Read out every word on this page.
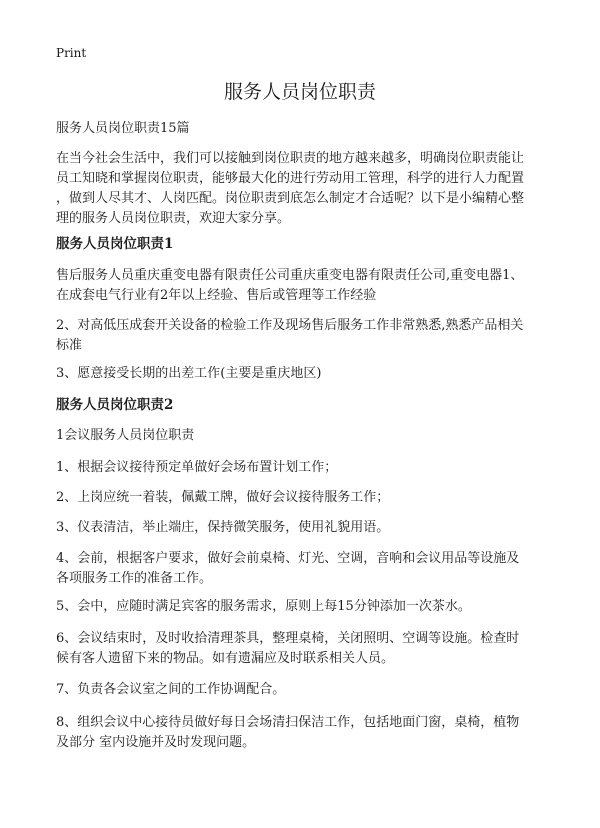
Print
服务人员岗位职责
服务人员岗位职责15篇
在当今社会生活中，我们可以接触到岗位职责的地方越来越多，明确岗位职责能让
员工知晓和掌握岗位职责，能够最大化的进行劳动用工管理，科学的进行人力配置
，做到人尽其才、人岗匹配。岗位职责到底怎么制定才合适呢？以下是小编精心整
理的服务人员岗位职责，欢迎大家分享。
服务人员岗位职责1
售后服务人员重庆重变电器有限责任公司重庆重变电器有限责任公司,重变电器1、
在成套电气行业有2年以上经验、售后或管理等工作经验
2、对高低压成套开关设备的检验工作及现场售后服务工作非常熟悉,熟悉产品相关
标准
3、愿意接受长期的出差工作(主要是重庆地区)
服务人员岗位职责2
1会议服务人员岗位职责
1、根据会议接待预定单做好会场布置计划工作；
2、上岗应统一着装，佩戴工牌，做好会议接待服务工作；
3、仪表清洁，举止端庄，保持微笑服务，使用礼貌用语。
4、会前，根据客户要求，做好会前桌椅、灯光、空调，音响和会议用品等设施及
各项服务工作的准备工作。
5、会中，应随时满足宾客的服务需求，原则上每15分钟添加一次茶水。
6、会议结束时，及时收拾清理茶具，整理桌椅，关闭照明、空调等设施。检查时
候有客人遗留下来的物品。如有遗漏应及时联系相关人员。
7、负责各会议室之间的工作协调配合。
8、组织会议中心接待员做好每日会场清扫保洁工作，包括地面门窗，桌椅，植物
及部分 室内设施并及时发现问题。
